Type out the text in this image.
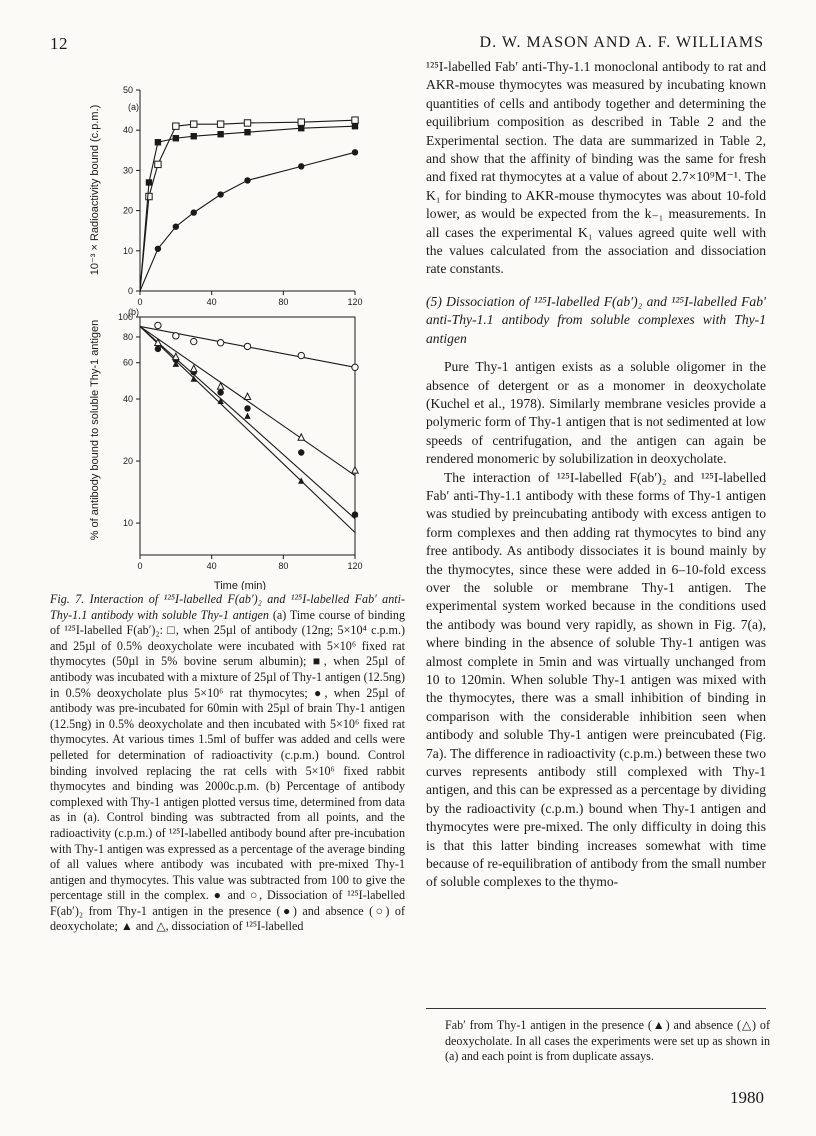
12	D. W. MASON AND A. F. WILLIAMS
0
10
20
30
40
50
0	40	80	120
10
20
40
60
80
100
0	40	80	120
(a)
(b)
10⁻³ × Radioactivity bound (c.p.m.)
% of antibody bound to soluble Thy-1 antigen
Time (min)
Fig. 7. Interaction of ¹²⁵I-labelled F(ab′)₂ and ¹²⁵I-labelled Fab′ anti-Thy-1.1 antibody with soluble Thy-1 antigen (a) Time course of binding of ¹²⁵I-labelled F(ab′)₂: □, when 25µl of antibody (12ng; 5×10⁴ c.p.m.) and 25µl of 0.5% deoxycholate were incubated with 5×10⁶ fixed rat thymocytes (50µl in 5% bovine serum albumin); ■, when 25µl of antibody was incubated with a mixture of 25µl of Thy-1 antigen (12.5ng) in 0.5% deoxycholate plus 5×10⁶ rat thymocytes; ●, when 25µl of antibody was pre-incubated for 60min with 25µl of brain Thy-1 antigen (12.5ng) in 0.5% deoxycholate and then incubated with 5×10⁶ fixed rat thymocytes. At various times 1.5ml of buffer was added and cells were pelleted for determination of radioactivity (c.p.m.) bound. Control binding involved replacing the rat cells with 5×10⁶ fixed rabbit thymocytes and binding was 2000c.p.m. (b) Percentage of antibody complexed with Thy-1 antigen plotted versus time, determined from data as in (a). Control binding was subtracted from all points, and the radioactivity (c.p.m.) of ¹²⁵I-labelled antibody bound after pre-incubation with Thy-1 antigen was expressed as a percentage of the average binding of all values where antibody was incubated with pre-mixed Thy-1 antigen and thymocytes. This value was subtracted from 100 to give the percentage still in the complex. ● and ○, Dissociation of ¹²⁵I-labelled F(ab′)₂ from Thy-1 antigen in the presence (●) and absence (○) of deoxycholate; ▲ and △, dissociation of ¹²⁵I-labelled

¹²⁵I-labelled Fab′ anti-Thy-1.1 monoclonal antibody to rat and AKR-mouse thymocytes was measured by incubating known quantities of cells and antibody together and determining the equilibrium composition as described in Table 2 and the Experimental section. The data are summarized in Table 2, and show that the affinity of binding was the same for fresh and fixed rat thymocytes at a value of about 2.7×10⁹M⁻¹. The K₁ for binding to AKR-mouse thymocytes was about 10-fold lower, as would be expected from the k₋₁ measurements. In all cases the experimental K₁ values agreed quite well with the values calculated from the association and dissociation rate constants.

(5) Dissociation of ¹²⁵I-labelled F(ab′)₂ and ¹²⁵I-labelled Fab′ anti-Thy-1.1 antibody from soluble complexes with Thy-1 antigen

Pure Thy-1 antigen exists as a soluble oligomer in the absence of detergent or as a monomer in deoxycholate (Kuchel et al., 1978). Similarly membrane vesicles provide a polymeric form of Thy-1 antigen that is not sedimented at low speeds of centrifugation, and the antigen can again be rendered monomeric by solubilization in deoxycholate.

The interaction of ¹²⁵I-labelled F(ab′)₂ and ¹²⁵I-labelled Fab′ anti-Thy-1.1 antibody with these forms of Thy-1 antigen was studied by preincubating antibody with excess antigen to form complexes and then adding rat thymocytes to bind any free antibody. As antibody dissociates it is bound mainly by the thymocytes, since these were added in 6–10-fold excess over the soluble or membrane Thy-1 antigen. The experimental system worked because in the conditions used the antibody was bound very rapidly, as shown in Fig. 7(a), where binding in the absence of soluble Thy-1 antigen was almost complete in 5min and was virtually unchanged from 10 to 120min. When soluble Thy-1 antigen was mixed with the thymocytes, there was a small inhibition of binding in comparison with the considerable inhibition seen when antibody and soluble Thy-1 antigen were preincubated (Fig. 7a). The difference in radioactivity (c.p.m.) between these two curves represents antibody still complexed with Thy-1 antigen, and this can be expressed as a percentage by dividing by the radioactivity (c.p.m.) bound when Thy-1 antigen and thymocytes were pre-mixed. The only difficulty in doing this is that this latter binding increases somewhat with time because of re-equilibration of antibody from the small number of soluble complexes to the thymo-

Fab′ from Thy-1 antigen in the presence (▲) and absence (△) of deoxycholate. In all cases the experiments were set up as shown in (a) and each point is from duplicate assays.
1980
